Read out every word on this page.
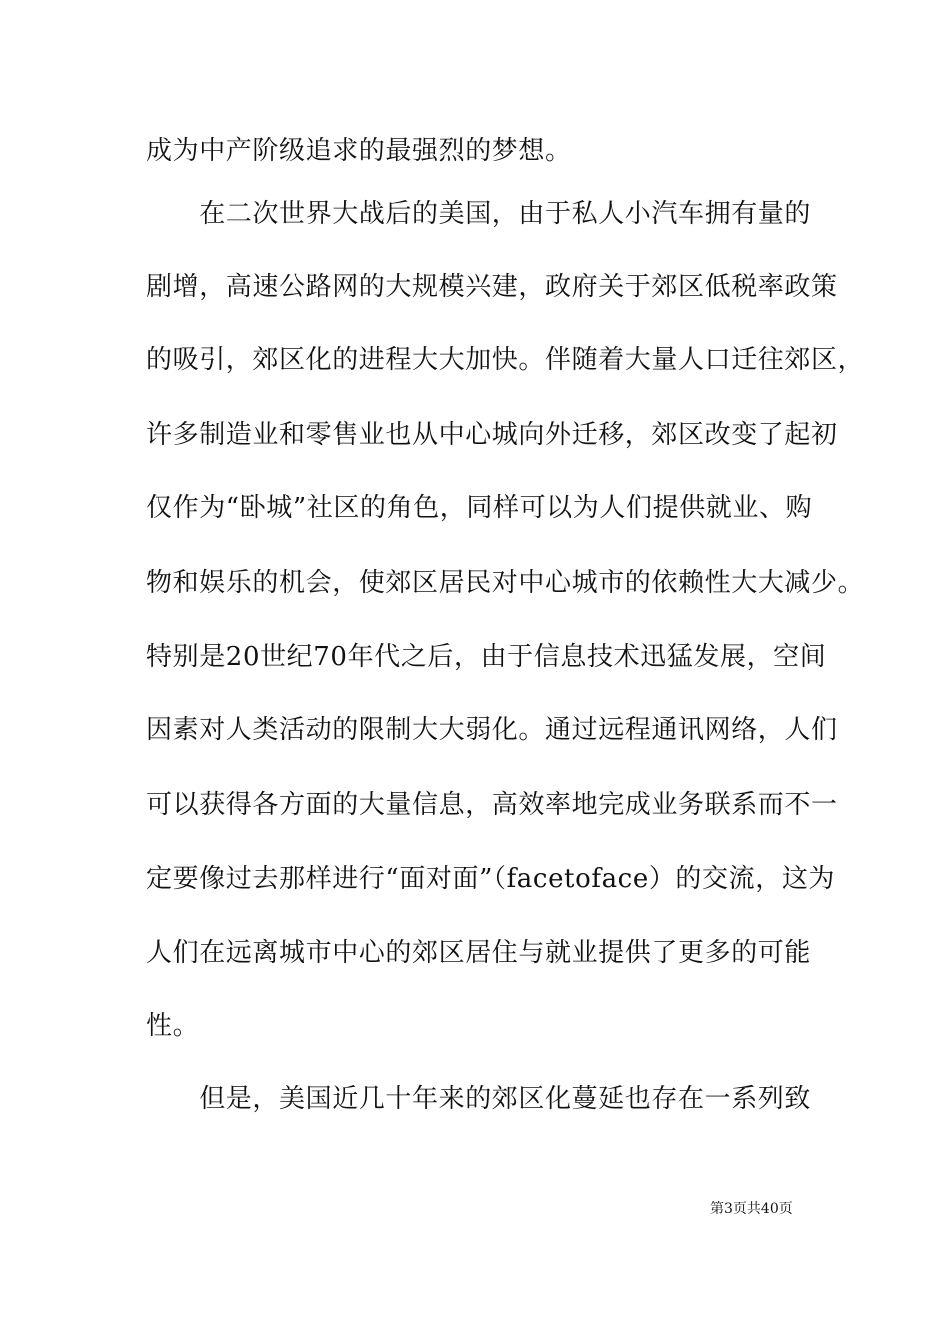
成为中产阶级追求的最强烈的梦想。
　　在二次世界大战后的美国，由于私人小汽车拥有量的
剧增，高速公路网的大规模兴建，政府关于郊区低税率政策
的吸引，郊区化的进程大大加快。伴随着大量人口迁往郊区，
许多制造业和零售业也从中心城向外迁移，郊区改变了起初
仅作为“卧城”社区的角色，同样可以为人们提供就业、购
物和娱乐的机会，使郊区居民对中心城市的依赖性大大减少。
特别是20世纪70年代之后，由于信息技术迅猛发展，空间
因素对人类活动的限制大大弱化。通过远程通讯网络，人们
可以获得各方面的大量信息，高效率地完成业务联系而不一
定要像过去那样进行“面对面”（facetoface）的交流，这为
人们在远离城市中心的郊区居住与就业提供了更多的可能
性。
　　但是，美国近几十年来的郊区化蔓延也存在一系列致
第3页共40页
